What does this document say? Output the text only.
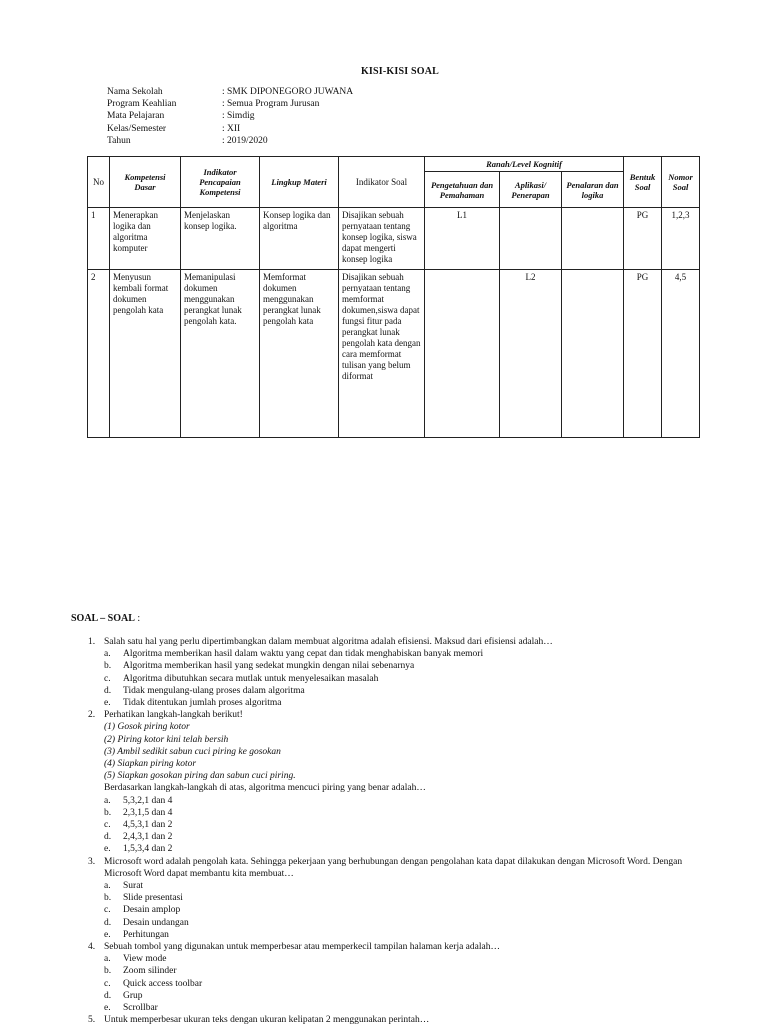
KISI-KISI SOAL
Nama Sekolah	: SMK DIPONEGORO JUWANA
Program Keahlian	: Semua Program Jurusan
Mata Pelajaran	: Simdig
Kelas/Semester	: XII
Tahun	: 2019/2020
No	Kompetensi Dasar	Indikator Pencapaian Kompetensi	Lingkup Materi	Indikator Soal	Ranah/Level Kognitif			Bentuk Soal	Nomor Soal
					Pengetahuan dan Pemahaman	Aplikasi/ Penerapan	Penalaran dan logika		
1	Menerapkan logika dan algoritma komputer	Menjelaskan konsep logika.	Konsep logika dan algoritma	Disajikan sebuah pernyataan tentang konsep logika, siswa dapat mengerti konsep logika	L1			PG	1,2,3
2	Menyusun kembali format dokumen pengolah kata	Memanipulasi dokumen menggunakan perangkat lunak pengolah kata.	Memformat dokumen menggunakan perangkat lunak pengolah kata	Disajikan sebuah pernyataan tentang memformat dokumen,siswa dapat fungsi fitur pada perangkat lunak pengolah kata dengan cara memformat tulisan yang belum diformat		L2		PG	4,5
SOAL – SOAL :
1. Salah satu hal yang perlu dipertimbangkan dalam membuat algoritma adalah efisiensi. Maksud dari efisiensi adalah…
a.	Algoritma memberikan hasil dalam waktu yang cepat dan tidak menghabiskan banyak memori
b.	Algoritma memberikan hasil yang sedekat mungkin dengan nilai sebenarnya
c.	Algoritma dibutuhkan secara mutlak untuk menyelesaikan masalah
d.	Tidak mengulang-ulang proses dalam algoritma
e.	Tidak ditentukan jumlah proses algoritma
2. Perhatikan langkah-langkah berikut!
(1) Gosok piring kotor
(2) Piring kotor kini telah bersih
(3) Ambil sedikit sabun cuci piring ke gosokan
(4) Siapkan piring kotor
(5) Siapkan gosokan piring dan sabun cuci piring.
Berdasarkan langkah-langkah di atas, algoritma mencuci piring yang benar adalah…
a.	5,3,2,1 dan 4
b.	2,3,1,5 dan 4
c.	4,5,3,1 dan 2
d.	2,4,3,1 dan 2
e.	1,5,3,4 dan 2
3. Microsoft word adalah pengolah kata. Sehingga pekerjaan yang berhubungan dengan pengolahan kata dapat dilakukan dengan Microsoft Word. Dengan Microsoft Word dapat membantu kita membuat…
a.	Surat
b.	Slide presentasi
c.	Desain amplop
d.	Desain undangan
e.	Perhitungan
4. Sebuah tombol yang digunakan untuk memperbesar atau memperkecil tampilan halaman kerja adalah…
a.	View mode
b.	Zoom silinder
c.	Quick access toolbar
d.	Grup
e.	Scrollbar
5. Untuk memperbesar ukuran teks dengan ukuran kelipatan 2 menggunakan perintah…
